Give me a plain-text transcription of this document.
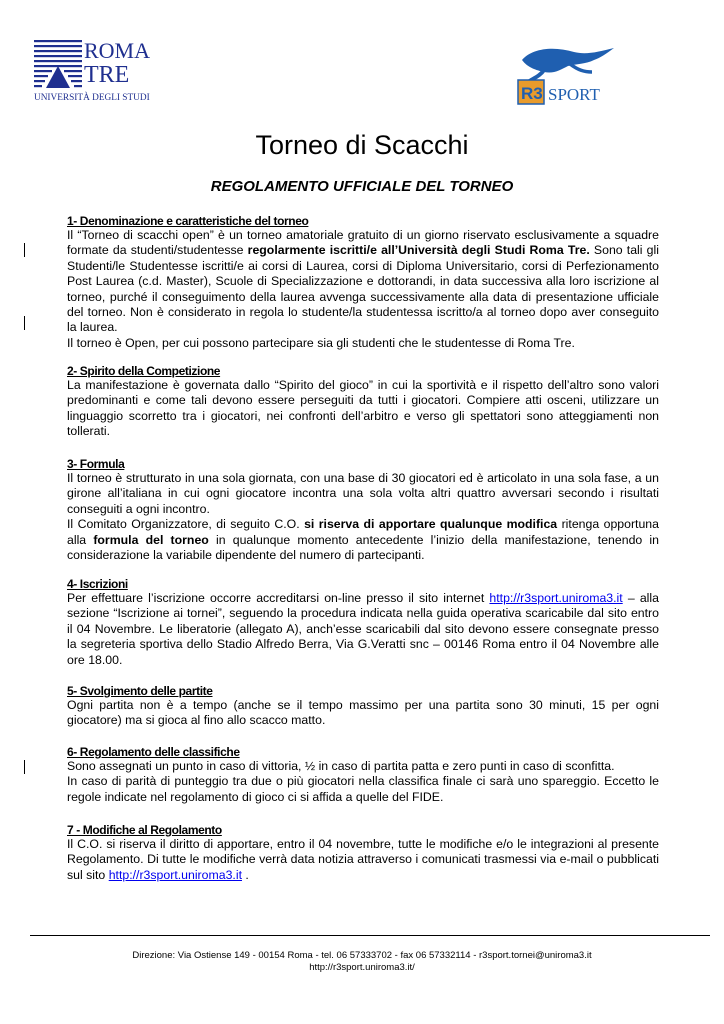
ROMA
TRE
UNIVERSITÀ DEGLI STUDI	R3 SPORT
Torneo di Scacchi
REGOLAMENTO UFFICIALE DEL TORNEO
1- Denominazione e caratteristiche del torneo

Il “Torneo di scacchi open” è un torneo amatoriale gratuito di un giorno riservato esclusivamente a squadre formate da studenti/studentesse regolarmente iscritti/e all’Università degli Studi Roma Tre. Sono tali gli Studenti/le Studentesse iscritti/e ai corsi di Laurea, corsi di Diploma Universitario, corsi di Perfezionamento Post Laurea (c.d. Master), Scuole di Specializzazione e dottorandi, in data successiva alla loro iscrizione al torneo, purché il conseguimento della laurea avvenga successivamente alla data di presentazione ufficiale del torneo. Non è considerato in regola lo studente/la studentessa iscritto/a al torneo dopo aver conseguito la laurea.

Il torneo è Open, per cui possono partecipare sia gli studenti che le studentesse di Roma Tre.

2- Spirito della Competizione

La manifestazione è governata dallo “Spirito del gioco” in cui la sportività e il rispetto dell’altro sono valori predominanti e come tali devono essere perseguiti da tutti i giocatori. Compiere atti osceni, utilizzare un linguaggio scorretto tra i giocatori, nei confronti dell’arbitro e verso gli spettatori sono atteggiamenti non tollerati.

3- Formula

Il torneo è strutturato in una sola giornata, con una base di 30 giocatori ed è articolato in una sola fase, a un girone all’italiana in cui ogni giocatore incontra una sola volta altri quattro avversari secondo i risultati conseguiti a ogni incontro.

Il Comitato Organizzatore, di seguito C.O. si riserva di apportare qualunque modifica ritenga opportuna alla formula del torneo in qualunque momento antecedente l’inizio della manifestazione, tenendo in considerazione la variabile dipendente del numero di partecipanti.

4- Iscrizioni

Per effettuare l’iscrizione occorre accreditarsi on-line presso il sito internet http://r3sport.uniroma3.it – alla sezione “Iscrizione ai tornei”, seguendo la procedura indicata nella guida operativa scaricabile dal sito entro il 04 Novembre. Le liberatorie (allegato A), anch’esse scaricabili dal sito devono essere consegnate presso la segreteria sportiva dello Stadio Alfredo Berra, Via G.Veratti snc – 00146 Roma entro il 04 Novembre alle ore 18.00.

5- Svolgimento delle partite

Ogni partita non è a tempo (anche se il tempo massimo per una partita sono 30 minuti, 15 per ogni giocatore) ma si gioca al fino allo scacco matto.

6- Regolamento delle classifiche

Sono assegnati un punto in caso di vittoria, ½ in caso di partita patta e zero punti in caso di sconfitta.

In caso di parità di punteggio tra due o più giocatori nella classifica finale ci sarà uno spareggio. Eccetto le regole indicate nel regolamento di gioco ci si affida a quelle del FIDE.

7 - Modifiche al Regolamento

Il C.O. si riserva il diritto di apportare, entro il 04 novembre, tutte le modifiche e/o le integrazioni al presente Regolamento. Di tutte le modifiche verrà data notizia attraverso i comunicati trasmessi via e-mail o pubblicati sul sito http://r3sport.uniroma3.it .

Direzione: Via Ostiense 149 - 00154 Roma - tel. 06 57333702 - fax 06 57332114 - r3sport.tornei@uniroma3.it
http://r3sport.uniroma3.it/
